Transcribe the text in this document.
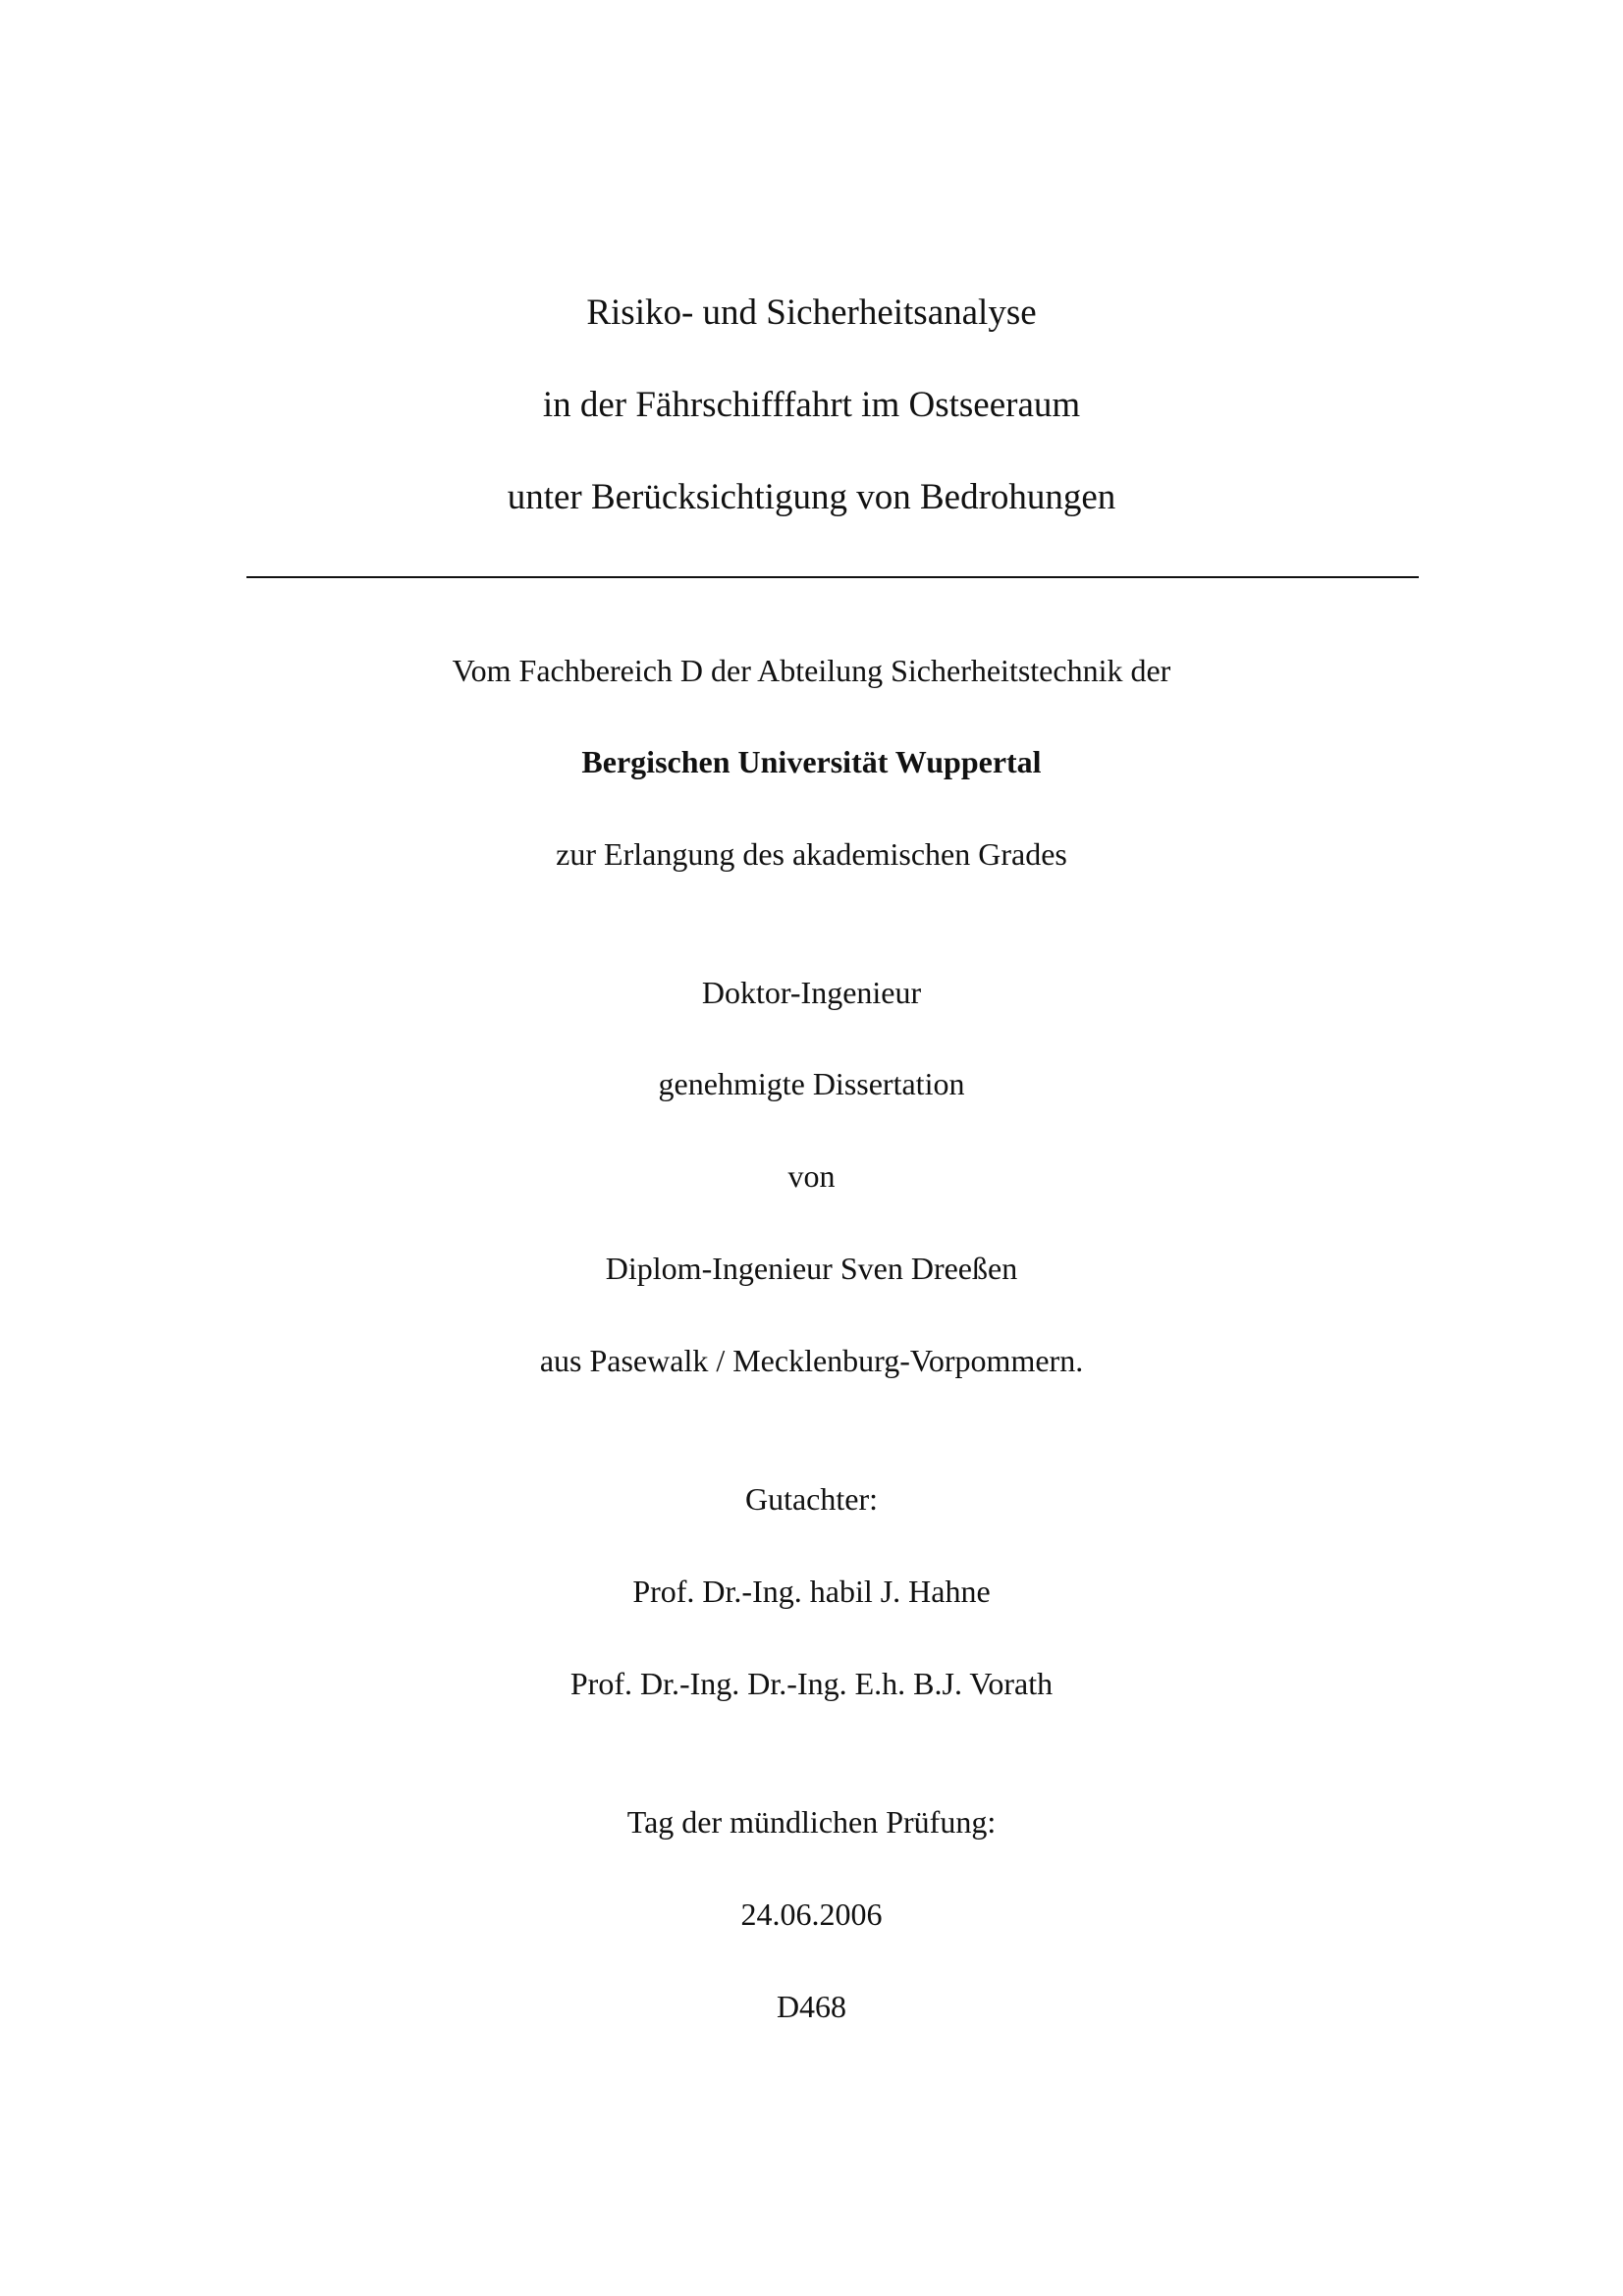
Risiko- und Sicherheitsanalyse
in der Fährschifffahrt im Ostseeraum
unter Berücksichtigung von Bedrohungen
Vom Fachbereich D der Abteilung Sicherheitstechnik der
Bergischen Universität Wuppertal
zur Erlangung des akademischen Grades
Doktor-Ingenieur
genehmigte Dissertation
von
Diplom-Ingenieur Sven Dreeßen
aus Pasewalk / Mecklenburg-Vorpommern.
Gutachter:
Prof. Dr.-Ing. habil J. Hahne
Prof. Dr.-Ing. Dr.-Ing. E.h. B.J. Vorath
Tag der mündlichen Prüfung:
24.06.2006
D468
